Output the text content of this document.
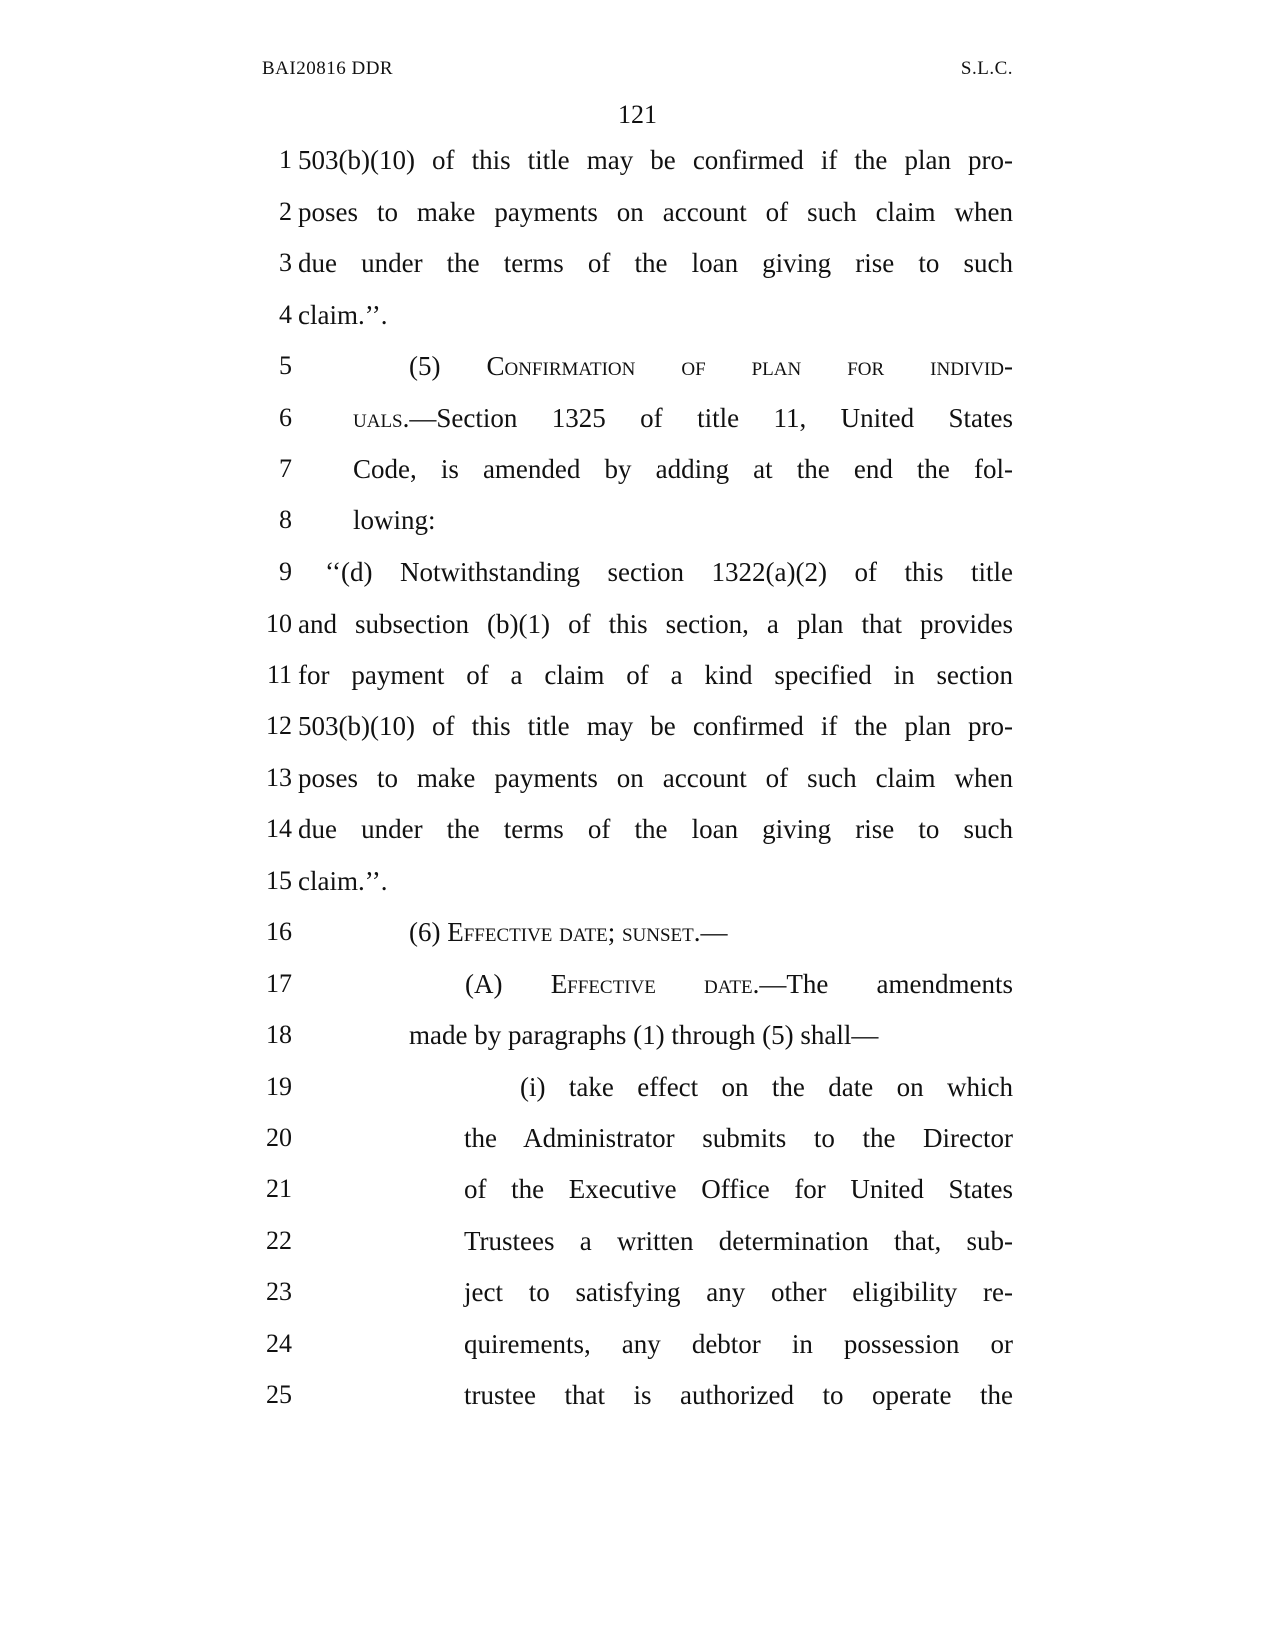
BAI20816 DDR	S.L.C.
121
1 503(b)(10) of this title may be confirmed if the plan pro-
2 poses to make payments on account of such claim when
3 due under the terms of the loan giving rise to such
4 claim.’’.
5	(5) Confirmation of plan for individ-
6 uals.—Section 1325 of title 11, United States
7 Code, is amended by adding at the end the fol-
8 lowing:
9 ‘‘(d) Notwithstanding section 1322(a)(2) of this title
10 and subsection (b)(1) of this section, a plan that provides
11 for payment of a claim of a kind specified in section
12 503(b)(10) of this title may be confirmed if the plan pro-
13 poses to make payments on account of such claim when
14 due under the terms of the loan giving rise to such
15 claim.’’.
16	(6) Effective date; sunset.—
17	(A) Effective date.—The amendments
18	made by paragraphs (1) through (5) shall—
19	(i) take effect on the date on which
20	the Administrator submits to the Director
21	of the Executive Office for United States
22	Trustees a written determination that, sub-
23	ject to satisfying any other eligibility re-
24	quirements, any debtor in possession or
25	trustee that is authorized to operate the
